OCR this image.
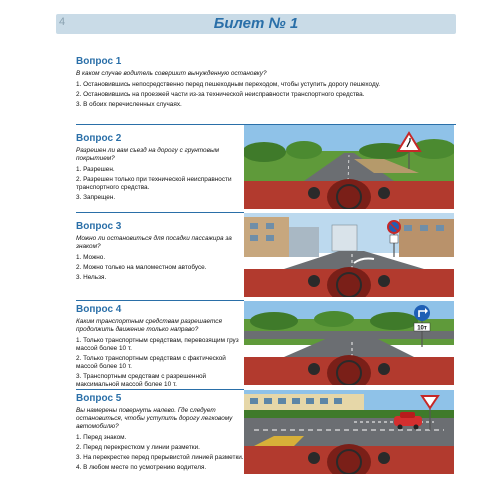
Билет № 1
4
Вопрос 1
В каком случае водитель совершит вынужденную остановку?
1. Остановившись непосредственно перед пешеходным переходом, чтобы уступить дорогу пешеходу.
2. Остановившись на проезжей части из-за технической неисправности транспортного средства.
3. В обоих перечисленных случаях.
Вопрос 2
Разрешен ли вам съезд на дорогу с грунтовым покрытием?
1. Разрешен.
2. Разрешен только при технической неисправности транспортного средства.
3. Запрещен.
Вопрос 3
Можно ли остановиться для посадки пассажира за знаком?
1. Можно.
2. Можно только на маломестном автобусе.
3. Нельзя.
Вопрос 4
Каким транспортным средствам разрешается продолжить движение только направо?
1. Только транспортным средствам, перевозящим груз массой более 10 т.
2. Только транспортным средствам с фактической массой более 10 т.
3. Транспортным средствам с разрешенной максимальной массой более 10 т.
Вопрос 5
Вы намерены повернуть налево. Где следует остановиться, чтобы уступить дорогу легковому автомобилю?
1. Перед знаком.
2. Перед перекрестком у линии разметки.
3. На перекрестке перед прерывистой линией разметки.
4. В любом месте по усмотрению водителя.
10т
